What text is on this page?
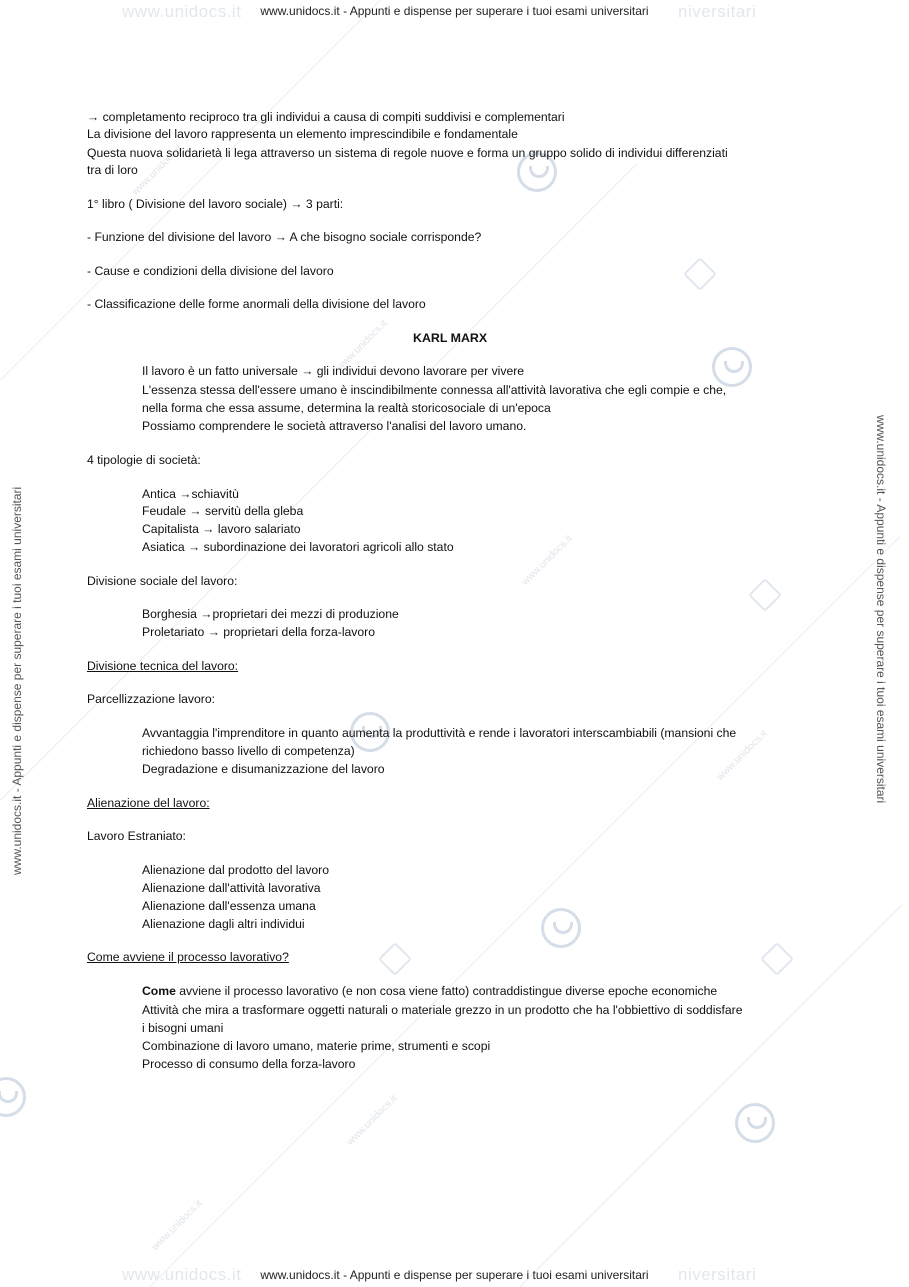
www.unidocs.it	niversitari
www.unidocs.it	niversitari
www.unidocs.it
www.unidocs.it
www.unidocs.it
www.unidocs.it
www.unidocs.it
www.unidocs.it
www.unidocs.it - Appunti e dispense per superare i tuoi esami universitari	www.unidocs.it - Appunti e dispense per superare i tuoi esami universitari
www.unidocs.it - Appunti e dispense per superare i tuoi esami universitari
www.unidocs.it - Appunti e dispense per superare i tuoi esami universitari
→ completamento reciproco tra gli individui a causa di compiti suddivisi e complementari
La divisione del lavoro rappresenta un elemento imprescindibile e fondamentale
Questa nuova solidarietà li lega attraverso un sistema di regole nuove e forma un gruppo solido di individui differenziati
tra di loro
1° libro ( Divisione del lavoro sociale) → 3 parti:
- Funzione del divisione del lavoro → A che bisogno sociale corrisponde?
- Cause e condizioni della divisione del lavoro
- Classificazione delle forme anormali della divisione del lavoro
KARL MARX
Il lavoro è un fatto universale → gli individui devono lavorare per vivere
L'essenza stessa dell'essere umano è inscindibilmente connessa all'attività lavorativa che egli compie e che,
nella forma che essa assume, determina la realtà storicosociale di un'epoca
Possiamo comprendere le società attraverso l'analisi del lavoro umano.
4 tipologie di società:
Antica →schiavitù
Feudale → servitù della gleba
Capitalista → lavoro salariato
Asiatica → subordinazione dei lavoratori agricoli allo stato
Divisione sociale del lavoro:
Borghesia →proprietari dei mezzi di produzione
Proletariato → proprietari della forza-lavoro
Divisione tecnica del lavoro:
Parcellizzazione lavoro:
Avvantaggia l'imprenditore in quanto aumenta la produttività e rende i lavoratori interscambiabili (mansioni che
richiedono basso livello di competenza)
Degradazione e disumanizzazione del lavoro
Alienazione del lavoro:
Lavoro Estraniato:
Alienazione dal prodotto del lavoro
Alienazione dall'attività lavorativa
Alienazione dall'essenza umana
Alienazione dagli altri individui
Come avviene il processo lavorativo?
Come avviene il processo lavorativo (e non cosa viene fatto) contraddistingue diverse epoche economiche
Attività che mira a trasformare oggetti naturali o materiale grezzo in un prodotto che ha l'obbiettivo di soddisfare
i bisogni umani
Combinazione di lavoro umano, materie prime, strumenti e scopi
Processo di consumo della forza-lavoro
